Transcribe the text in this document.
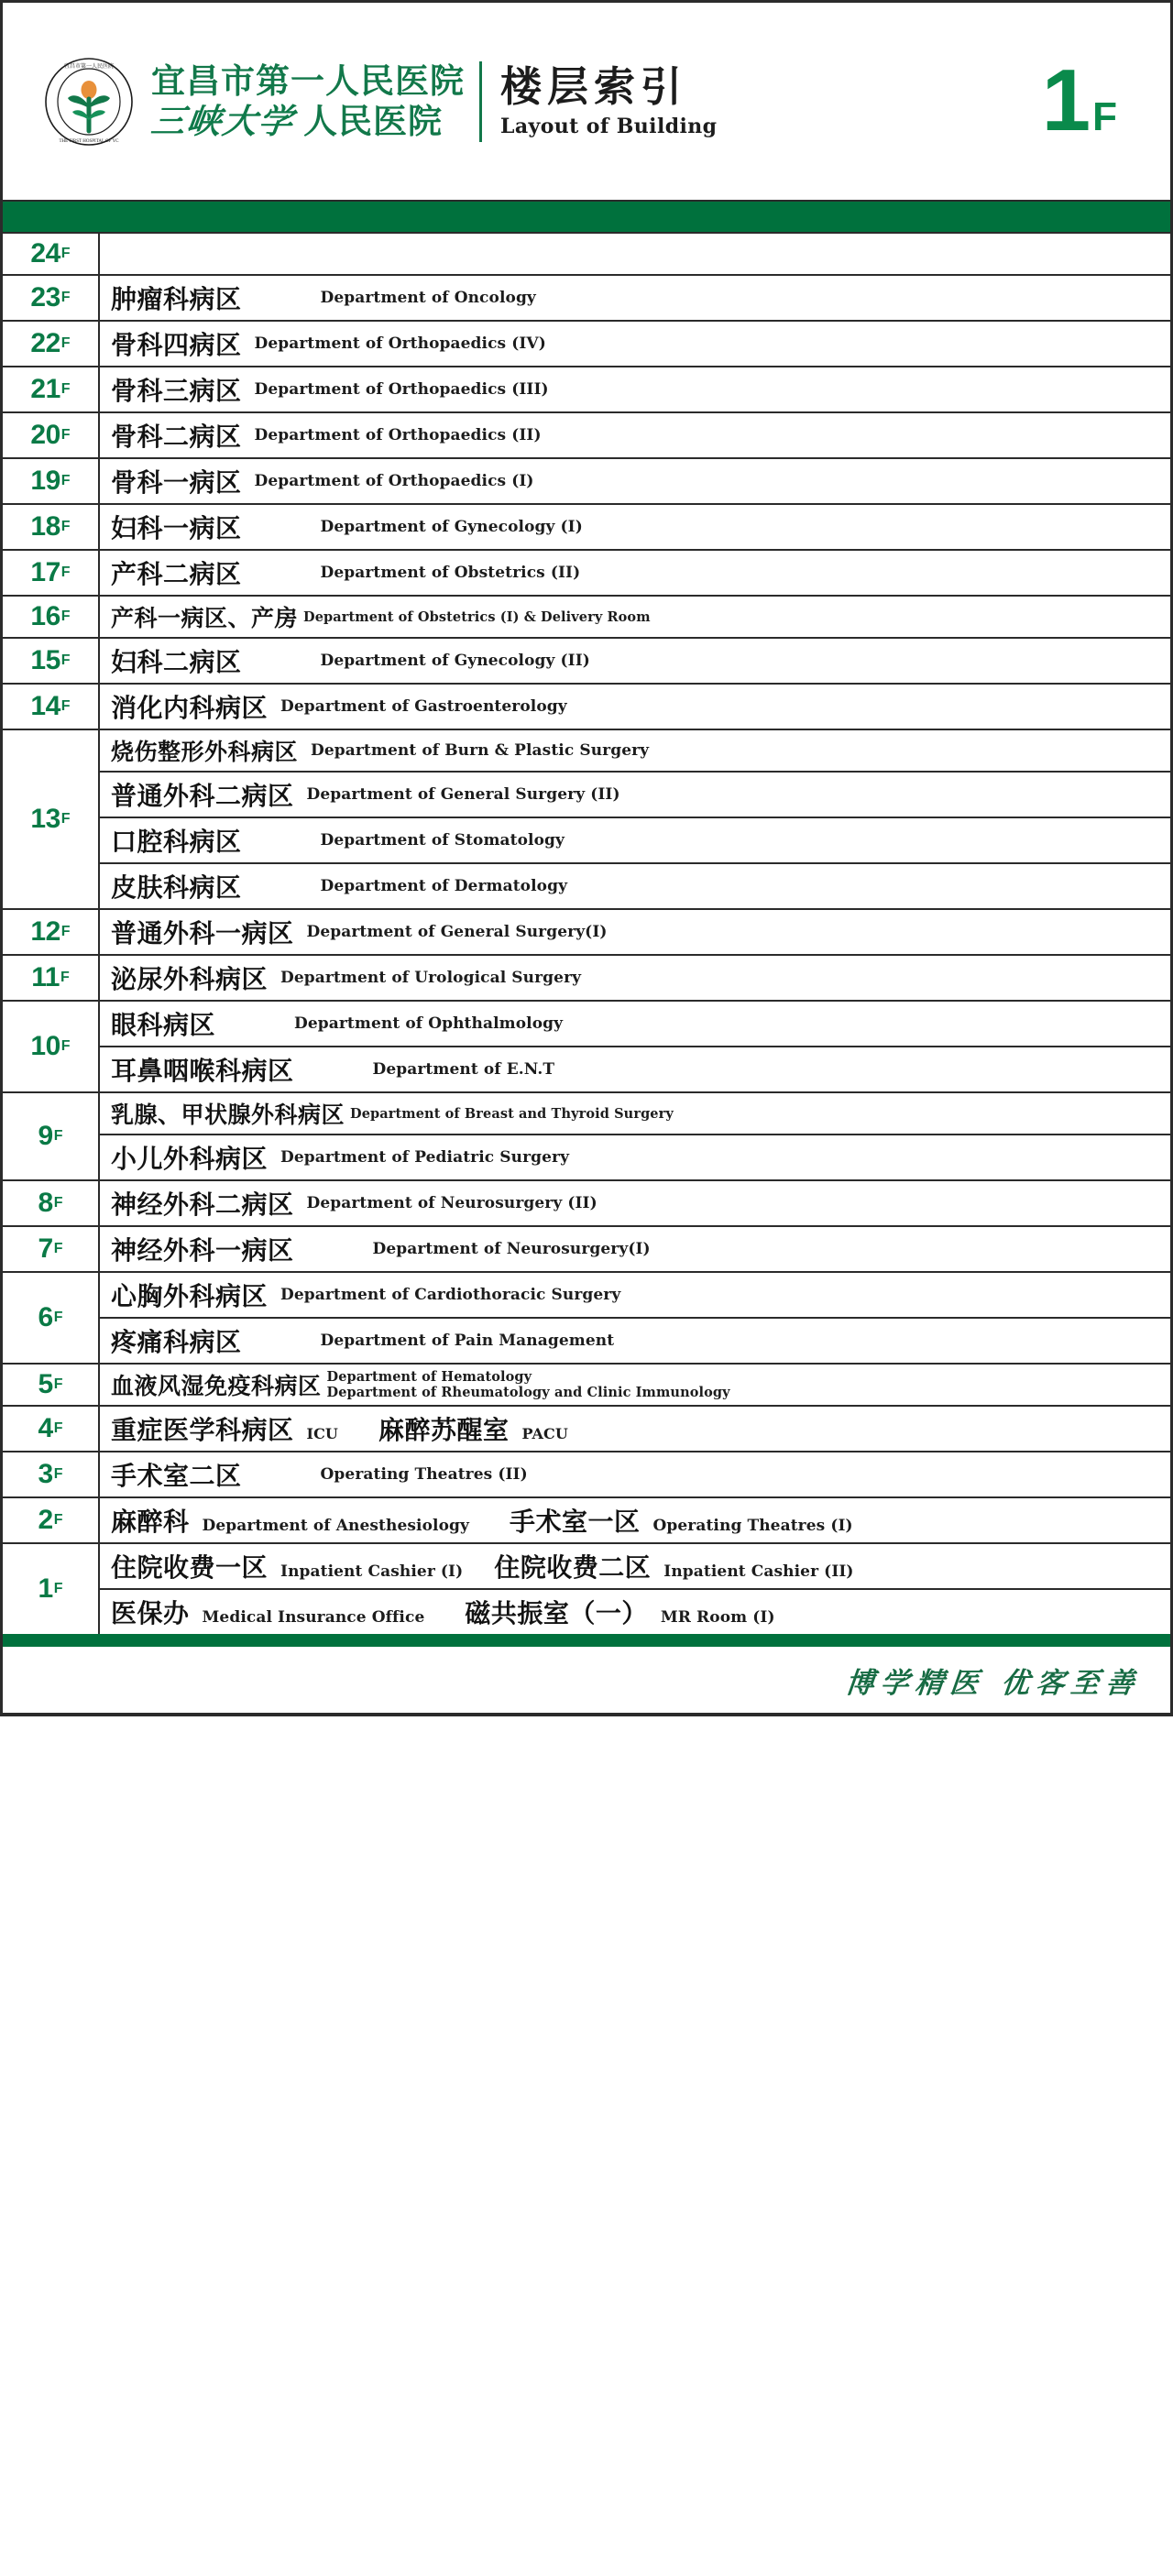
宜昌市第一人民医院
THE FIRST HOSPITAL OF YC
宜昌市第一人民医院
三峡大学 人民医院
楼层索引
Layout of Building	1 F
24 F
23 F 肿瘤科病区	Department of Oncology
22 F 骨科四病区 Department of Orthopaedics (IV)
21 F 骨科三病区 Department of Orthopaedics (III)
20 F 骨科二病区 Department of Orthopaedics (II)
19 F 骨科一病区 Department of Orthopaedics (I)
18 F 妇科一病区	Department of Gynecology (I)
17 F 产科二病区	Department of Obstetrics (II)
16 F 产科一病区、产房 Department of Obstetrics (I) & Delivery Room
15 F 妇科二病区	Department of Gynecology (II)
14 F 消化内科病区 Department of Gastroenterology
13 F
烧伤整形外科病区 Department of Burn & Plastic Surgery
普通外科二病区 Department of General Surgery (II)
口腔科病区	Department of Stomatology
皮肤科病区	Department of Dermatology
12 F 普通外科一病区 Department of General Surgery(I)
11 F 泌尿外科病区 Department of Urological Surgery
10 F
眼科病区	Department of Ophthalmology
耳鼻咽喉科病区	Department of E.N.T
9 F
乳腺、甲状腺外科病区 Department of Breast and Thyroid Surgery
小儿外科病区 Department of Pediatric Surgery
8 F 神经外科二病区 Department of Neurosurgery (II)
7 F 神经外科一病区	Department of Neurosurgery(I)
6 F
心胸外科病区 Department of Cardiothoracic Surgery
疼痛科病区	Department of Pain Management
5 F 血液风湿免疫科病区 Department of Hematology
Department of Rheumatology and Clinic Immunology
4 F 重症医学科病区 ICU 麻醉苏醒室 PACU
3 F 手术室二区	Operating Theatres (II)
2 F 麻醉科 Department of Anesthesiology 手术室一区 Operating Theatres (I)
1 F
住院收费一区 Inpatient Cashier (I) 住院收费二区 Inpatient Cashier (II)
医保办 Medical Insurance Office 磁共振室（一） MR Room (I)
博学精医 优客至善
